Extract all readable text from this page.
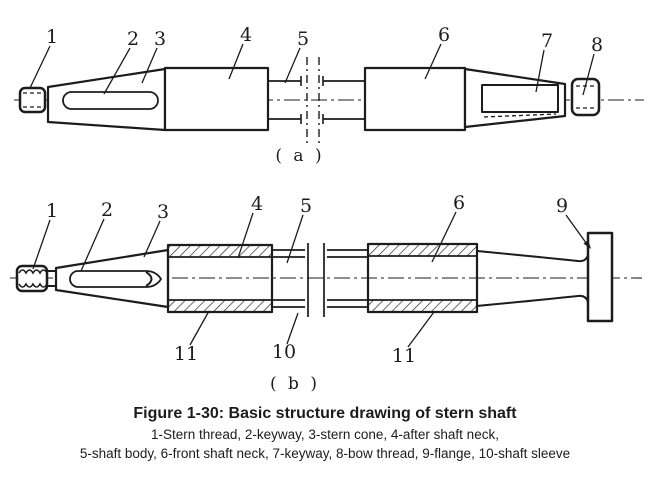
1	2 3	4 5	6	7 8
( a )
1 2 3	4 5	6	9
10
11	11
( b )
Figure 1-30: Basic structure drawing of stern shaft
1-Stern thread, 2-keyway, 3-stern cone, 4-after shaft neck,
5-shaft body, 6-front shaft neck, 7-keyway, 8-bow thread, 9-flange, 10-shaft sleeve
